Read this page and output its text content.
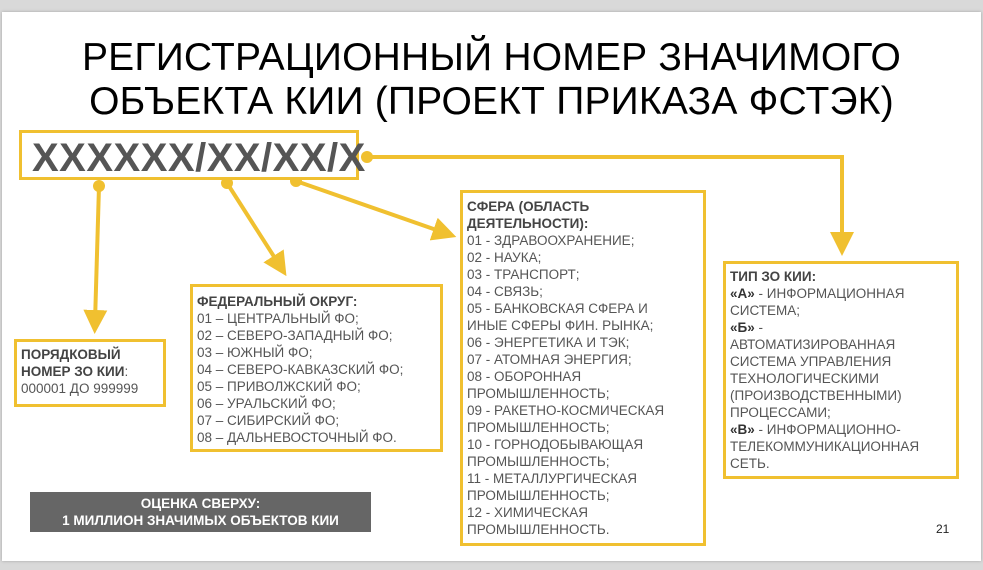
РЕГИСТРАЦИОННЫЙ НОМЕР ЗНАЧИМОГО
ОБЪЕКТА КИИ (ПРОЕКТ ПРИКАЗА ФСТЭК)
XXXXXX/XX/XX/X
ПОРЯДКОВЫЙ
НОМЕР ЗО КИИ:
000001 ДО 999999
ФЕДЕРАЛЬНЫЙ ОКРУГ:
01 – ЦЕНТРАЛЬНЫЙ ФО;
02 – СЕВЕРО-ЗАПАДНЫЙ ФО;
03 – ЮЖНЫЙ ФО;
04 – СЕВЕРО-КАВКАЗСКИЙ ФО;
05 – ПРИВОЛЖСКИЙ ФО;
06 – УРАЛЬСКИЙ ФО;
07 – СИБИРСКИЙ ФО;
08 – ДАЛЬНЕВОСТОЧНЫЙ ФО.
СФЕРА (ОБЛАСТЬ
ДЕЯТЕЛЬНОСТИ):
01 - ЗДРАВООХРАНЕНИЕ;
02 - НАУКА;
03 - ТРАНСПОРТ;
04 - СВЯЗЬ;
05 - БАНКОВСКАЯ СФЕРА И
ИНЫЕ СФЕРЫ ФИН. РЫНКА;
06 - ЭНЕРГЕТИКА И ТЭК;
07 - АТОМНАЯ ЭНЕРГИЯ;
08 - ОБОРОННАЯ
ПРОМЫШЛЕННОСТЬ;
09 - РАКЕТНО-КОСМИЧЕСКАЯ
ПРОМЫШЛЕННОСТЬ;
10 - ГОРНОДОБЫВАЮЩАЯ
ПРОМЫШЛЕННОСТЬ;
11 - МЕТАЛЛУРГИЧЕСКАЯ
ПРОМЫШЛЕННОСТЬ;
12 - ХИМИЧЕСКАЯ
ПРОМЫШЛЕННОСТЬ.
ТИП ЗО КИИ:
«А» - ИНФОРМАЦИОННАЯ
СИСТЕМА;
«Б» -
АВТОМАТИЗИРОВАННАЯ
СИСТЕМА УПРАВЛЕНИЯ
ТЕХНОЛОГИЧЕСКИМИ
(ПРОИЗВОДСТВЕННЫМИ)
ПРОЦЕССАМИ;
«В» - ИНФОРМАЦИОННО-
ТЕЛЕКОММУНИКАЦИОННАЯ
СЕТЬ.
ОЦЕНКА СВЕРХУ:
1 МИЛЛИОН ЗНАЧИМЫХ ОБЪЕКТОВ КИИ
21
